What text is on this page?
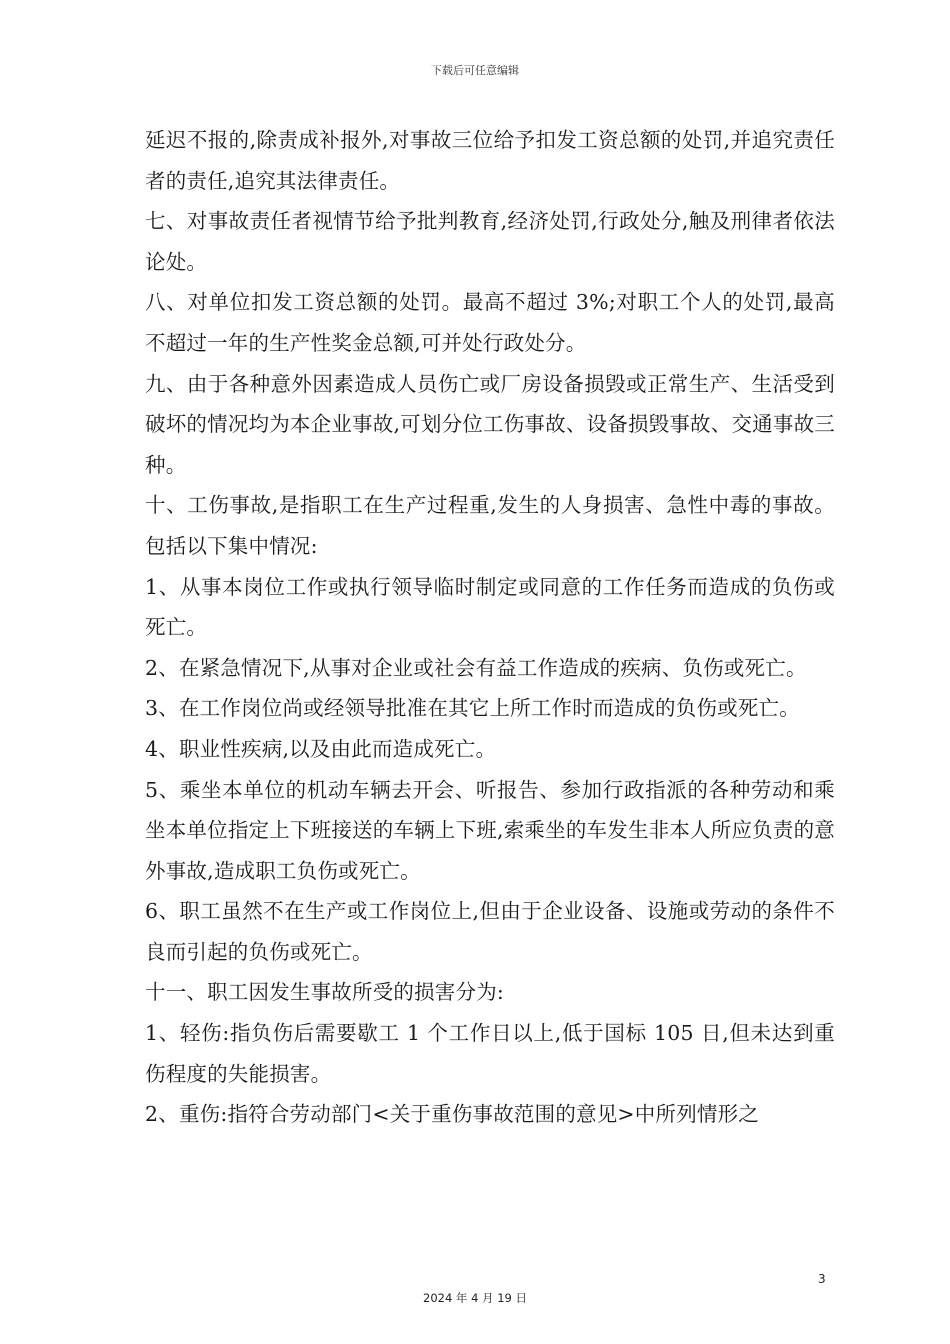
下载后可任意编辑

延迟不报的,除责成补报外,对事故三位给予扣发工资总额的处罚,并追究责任者的责任,追究其法律责任。

七、对事故责任者视情节给予批判教育,经济处罚,行政处分,触及刑律者依法论处。

八、对单位扣发工资总额的处罚。最高不超过 3%;对职工个人的处罚,最高不超过一年的生产性奖金总额,可并处行政处分。

九、由于各种意外因素造成人员伤亡或厂房设备损毁或正常生产、生活受到破坏的情况均为本企业事故,可划分位工伤事故、设备损毁事故、交通事故三种。

十、工伤事故,是指职工在生产过程重,发生的人身损害、急性中毒的事故。包括以下集中情况:

1、从事本岗位工作或执行领导临时制定或同意的工作任务而造成的负伤或死亡。

2、在紧急情况下,从事对企业或社会有益工作造成的疾病、负伤或死亡。

3、在工作岗位尚或经领导批准在其它上所工作时而造成的负伤或死亡。

4、职业性疾病,以及由此而造成死亡。

5、乘坐本单位的机动车辆去开会、听报告、参加行政指派的各种劳动和乘坐本单位指定上下班接送的车辆上下班,索乘坐的车发生非本人所应负责的意外事故,造成职工负伤或死亡。

6、职工虽然不在生产或工作岗位上,但由于企业设备、设施或劳动的条件不良而引起的负伤或死亡。

十一、职工因发生事故所受的损害分为:

1、轻伤:指负伤后需要歇工 1 个工作日以上,低于国标 105 日,但未达到重伤程度的失能损害。

2、重伤:指符合劳动部门<关于重伤事故范围的意见>中所列情形之

3
2024 年 4 月 19 日
